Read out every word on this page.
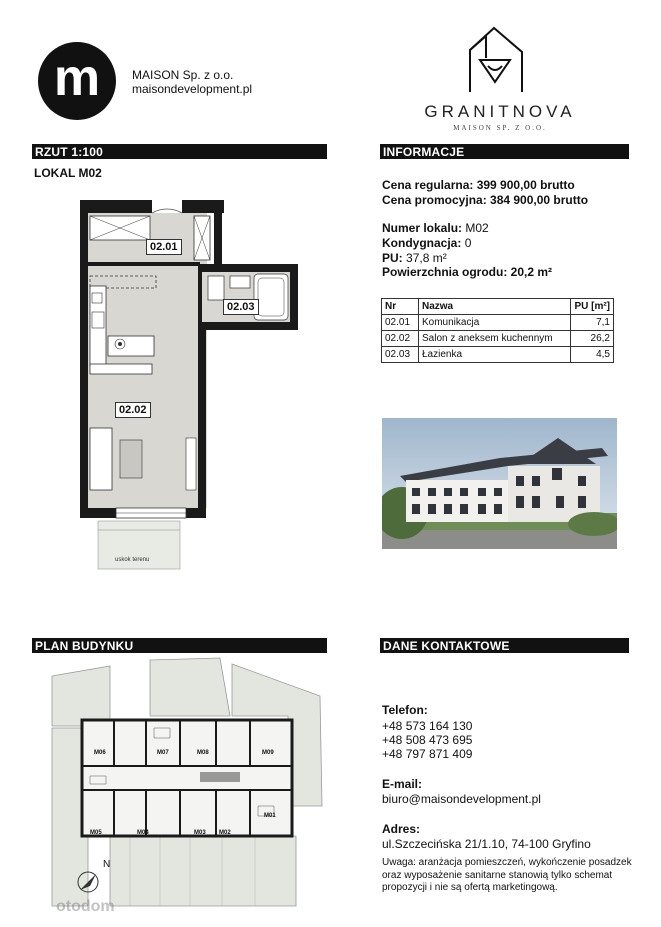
m	MAISON Sp. z o.o.
maisondevelopment.pl
GRANITNOVA
MAISON SP. Z O.O.
RZUT 1:100	INFORMACJE
LOKAL M02
02.01
02.03
02.02
uskok terenu
Cena regularna: 399 900,00 brutto
Cena promocyjna: 384 900,00 brutto
Numer lokalu: M02
Kondygnacja: 0
PU: 37,8 m²
Powierzchnia ogrodu: 20,2 m²
Nr	Nazwa	PU [m²]
02.01	Komunikacja	7,1
02.02	Salon z aneksem kuchennym	26,2
02.03	Łazienka	4,5
PLAN BUDYNKU	DANE KONTAKTOWE
M06	M07	M08	M09
M05	M04	M03 M02
M01
N
Telefon:
+48 573 164 130
+48 508 473 695
+48 797 871 409
E-mail:
biuro@maisondevelopment.pl
Adres:
ul.Szczecińska 21/1.10, 74-100 Gryfino
Uwaga: aranżacja pomieszczeń, wykończenie posadzek oraz wyposażenie sanitarne stanowią tylko schemat propozycji i nie są ofertą marketingową.
otodom
